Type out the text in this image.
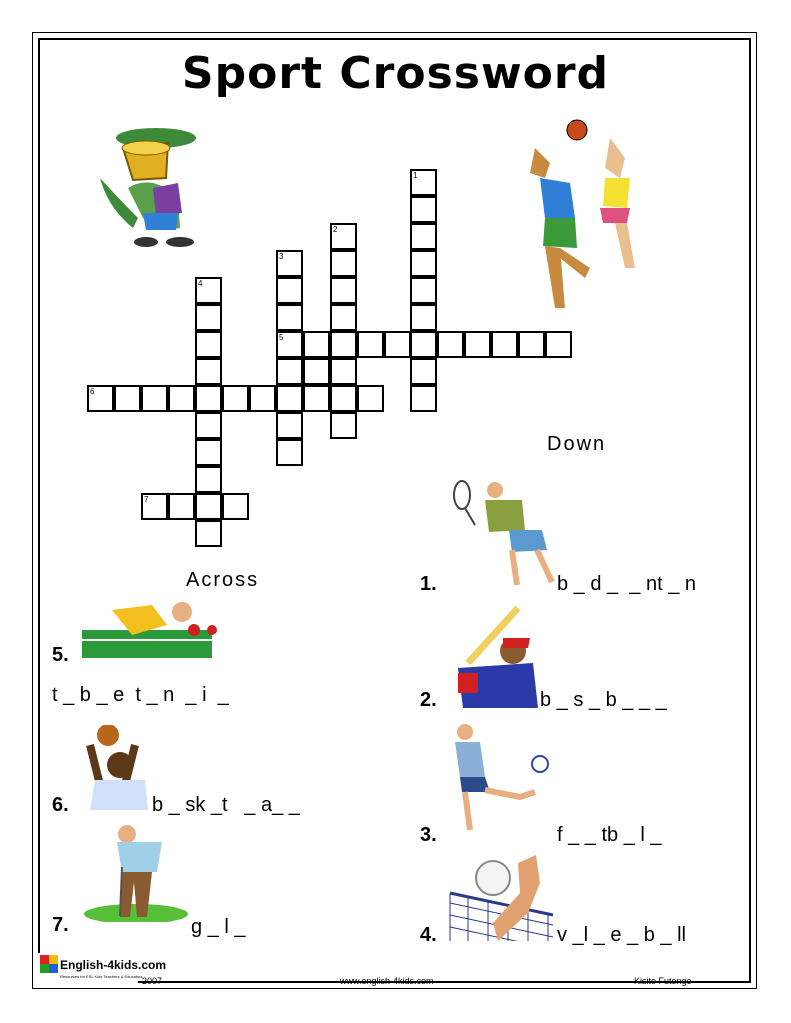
Sport Crossword
1
2
3
4
5
6
7
Across
Down
5.
t _ b _ e  t _ n  _ i  _
6.	b _ sk _t   _ a_ _
7.	g _ l _
1.	b _ d _  _ nt _ n
2.	b _ s _ b _ _ _
3.	f _ _ tb _ l _
4.	v _l _ e _ b _ ll
English-4kids.com
Resources for ESL Kids Teachers & Educators 2007	www.english-4kids.com	Kisito Futonge
